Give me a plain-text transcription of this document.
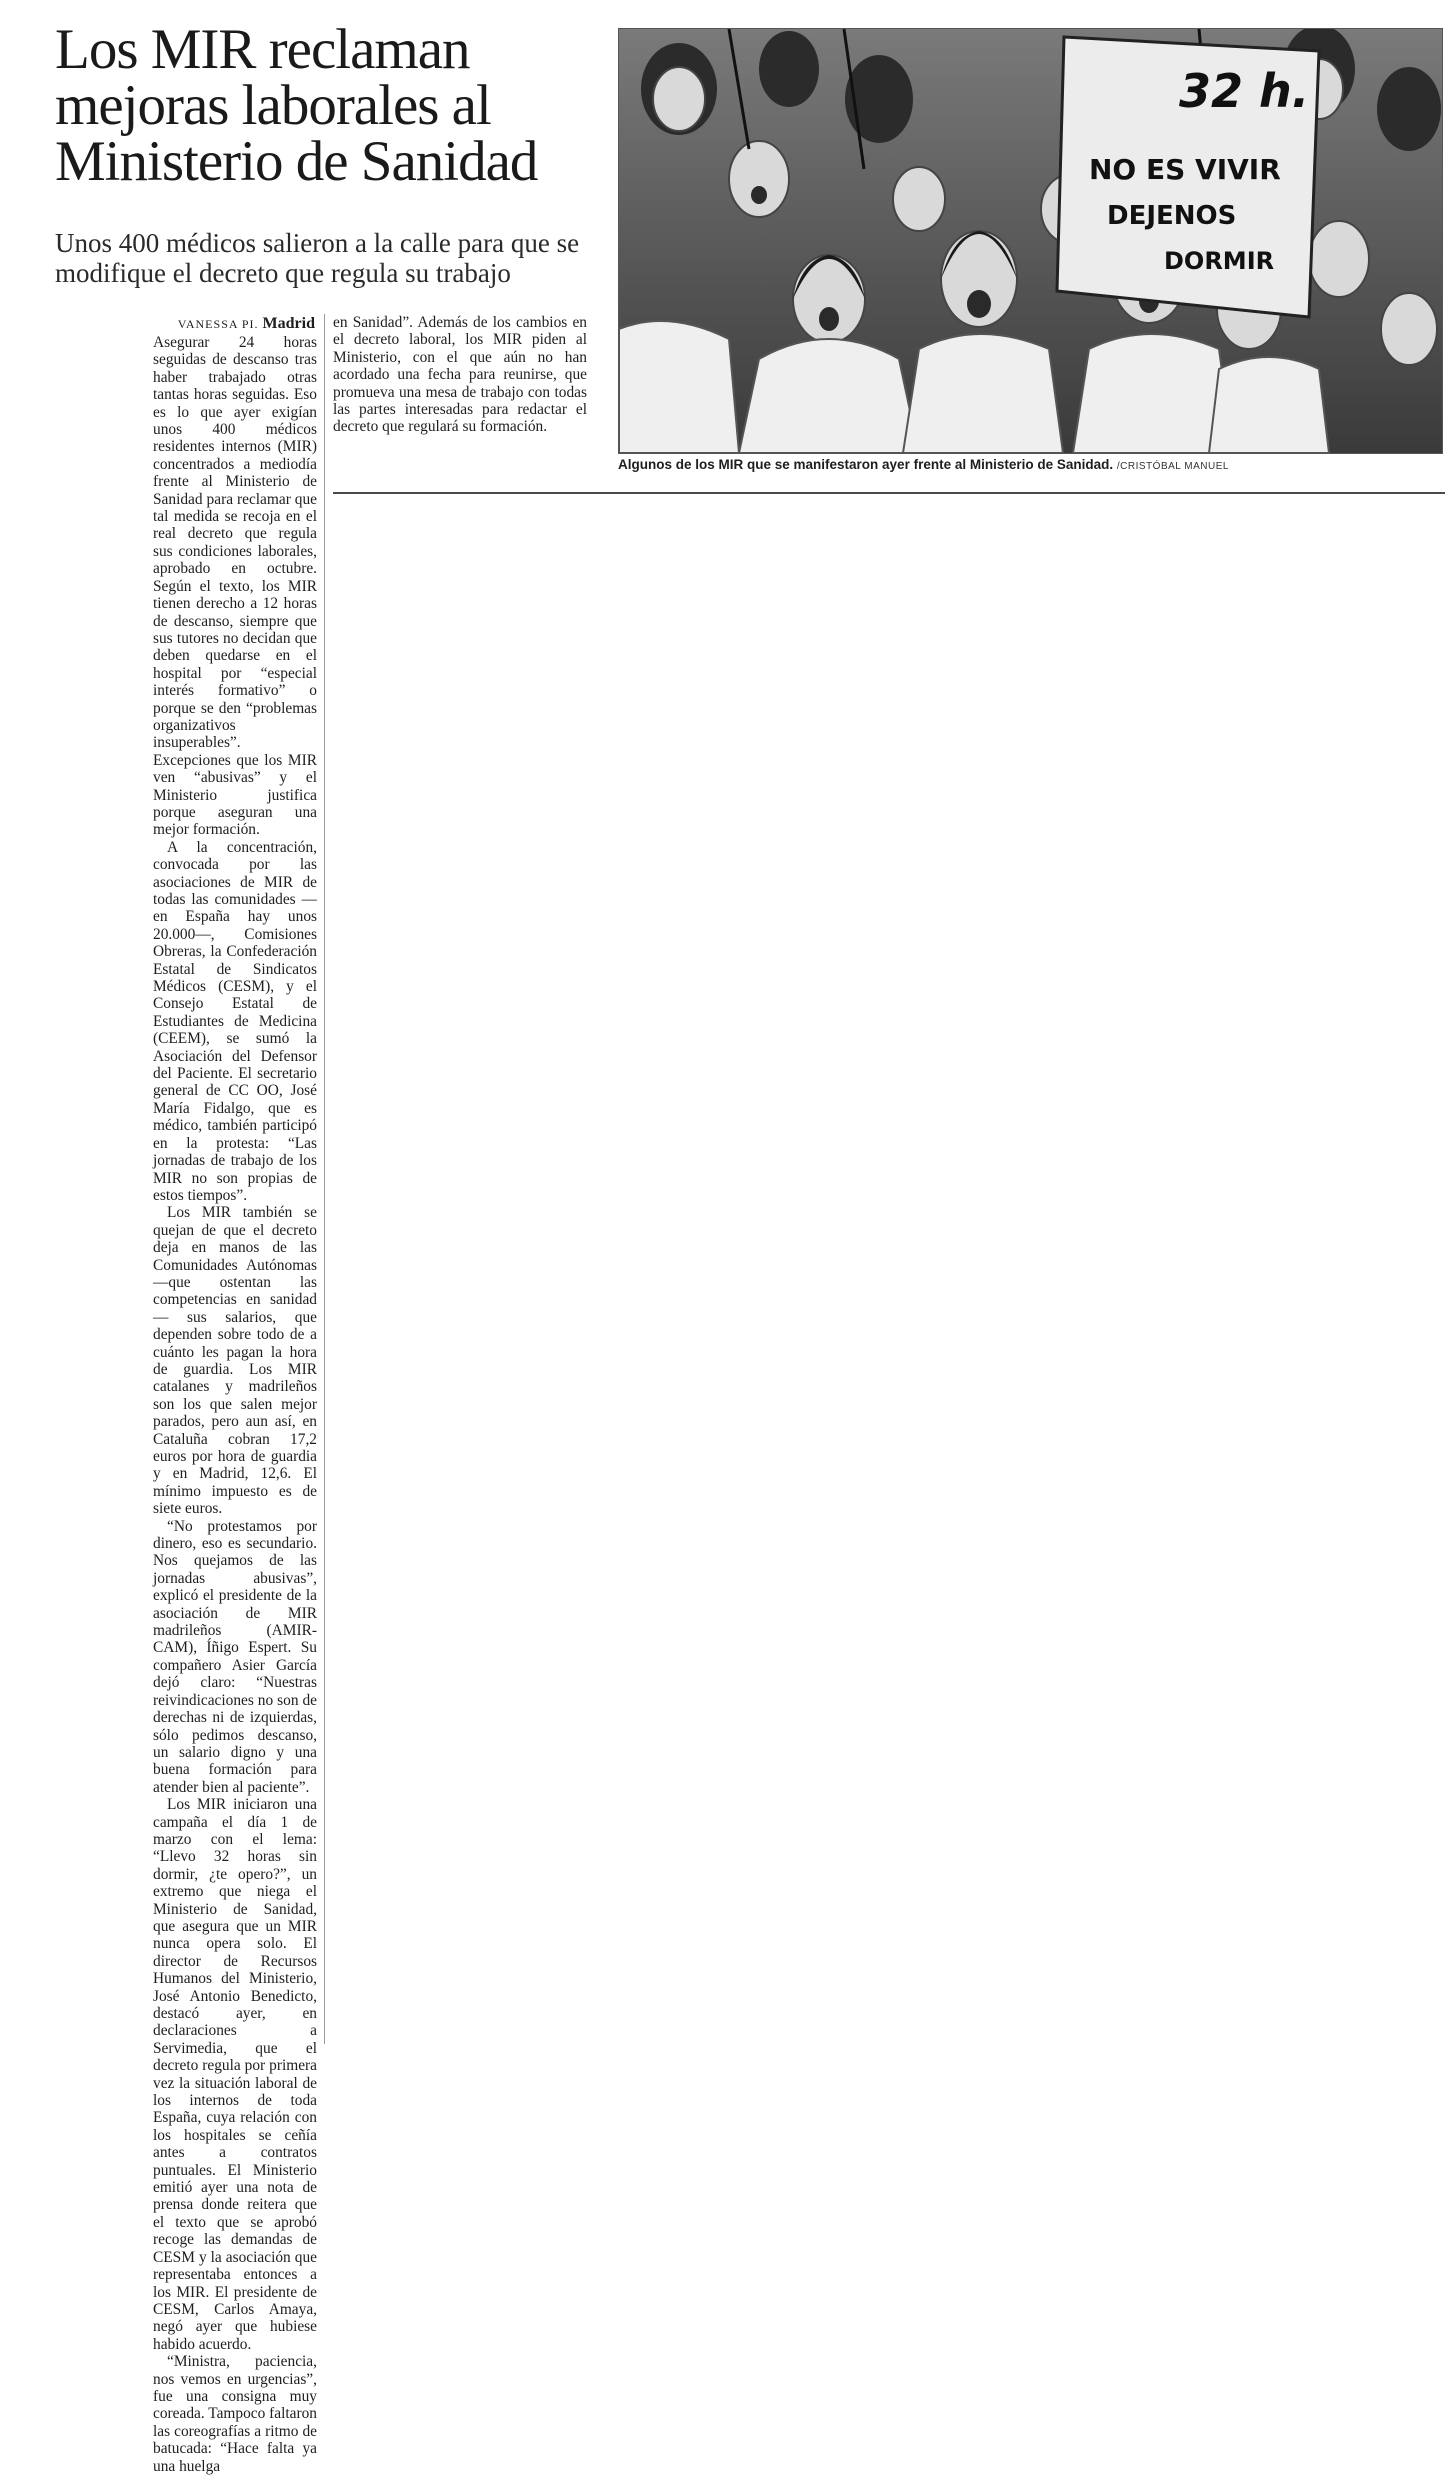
Los MIR reclaman mejoras laborales al Ministerio de Sanidad

Unos 400 médicos salieron a la calle para que se modifique el decreto que regula su trabajo

VANESSA PI. Madrid

Asegurar 24 horas seguidas de descanso tras haber trabajado otras tantas horas seguidas. Eso es lo que ayer exigían unos 400 médicos residentes internos (MIR) concentrados a mediodía frente al Ministerio de Sanidad para reclamar que tal medida se recoja en el real decreto que regula sus condiciones laborales, aprobado en octubre. Según el texto, los MIR tienen derecho a 12 horas de descanso, siempre que sus tutores no decidan que deben quedarse en el hospital por “especial interés formativo” o porque se den “problemas organizativos insuperables”. Excepciones que los MIR ven “abusivas” y el Ministerio justifica porque aseguran una mejor formación.

A la concentración, convocada por las asociaciones de MIR de todas las comunidades —en España hay unos 20.000—, Comisiones Obreras, la Confederación Estatal de Sindicatos Médicos (CESM), y el Consejo Estatal de Estudiantes de Medicina (CEEM), se sumó la Asociación del Defensor del Paciente. El secretario general de CC OO, José María Fidalgo, que es médico, también participó en la protesta: “Las jornadas de trabajo de los MIR no son propias de estos tiempos”.

Los MIR también se quejan de que el decreto deja en manos de las Comunidades Autónomas —que ostentan las competencias en sanidad— sus salarios, que dependen sobre todo de a cuánto les pagan la hora de guardia. Los MIR catalanes y madrileños son los que salen mejor parados, pero aun así, en Cataluña cobran 17,2 euros por hora de guardia y en Madrid, 12,6. El mínimo impuesto es de siete euros.

“No protestamos por dinero, eso es secundario. Nos quejamos de las jornadas abusivas”, explicó el presidente de la asociación de MIR madrileños (AMIR-CAM), Íñigo Espert. Su compañero Asier García dejó claro: “Nuestras reivindicaciones no son de derechas ni de izquierdas, sólo pedimos descanso, un salario digno y una buena formación para atender bien al paciente”.

Los MIR iniciaron una campaña el día 1 de marzo con el lema: “Llevo 32 horas sin dormir, ¿te opero?”, un extremo que niega el Ministerio de Sanidad, que asegura que un MIR nunca opera solo. El director de Recursos Humanos del Ministerio, José Antonio Benedicto, destacó ayer, en declaraciones a Servimedia, que el decreto regula por primera vez la situación laboral de los internos de toda España, cuya relación con los hospitales se ceñía antes a contratos puntuales. El Ministerio emitió ayer una nota de prensa donde reitera que el texto que se aprobó recoge las demandas de CESM y la asociación que representaba entonces a los MIR. El presidente de CESM, Carlos Amaya, negó ayer que hubiese habido acuerdo.

“Ministra, paciencia, nos vemos en urgencias”, fue una consigna muy coreada. Tampoco faltaron las coreografías a ritmo de batucada: “Hace falta ya una huelga

en Sanidad”. Además de los cambios en el decreto laboral, los MIR piden al Ministerio, con el que aún no han acordado una fecha para reunirse, que promueva una mesa de trabajo con todas las partes interesadas para redactar el decreto que regulará su formación.

32 h.
NO ES VIVIR
DEJENOS
DORMIR
Algunos de los MIR que se manifestaron ayer frente al Ministerio de Sanidad. /CRISTÓBAL MANUEL
